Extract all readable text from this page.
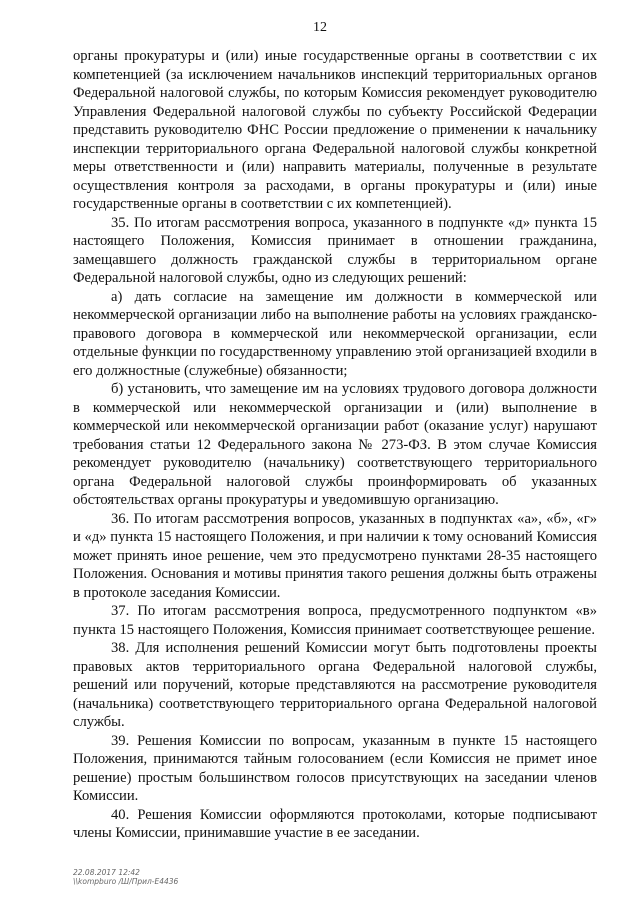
12

органы прокуратуры и (или) иные государственные органы в соответствии с их компетенцией (за исключением начальников инспекций территориальных органов Федеральной налоговой службы, по которым Комиссия рекомендует руководителю Управления Федеральной налоговой службы по субъекту Российской Федерации представить руководителю ФНС России предложение о применении к начальнику инспекции территориального органа Федеральной налоговой службы конкретной меры ответственности и (или) направить материалы, полученные в результате осуществления контроля за расходами, в органы прокуратуры и (или) иные государственные органы в соответствии с их компетенцией).

35. По итогам рассмотрения вопроса, указанного в подпункте «д» пункта 15 настоящего Положения, Комиссия принимает в отношении гражданина, замещавшего должность гражданской службы в территориальном органе Федеральной налоговой службы, одно из следующих решений:

а) дать согласие на замещение им должности в коммерческой или некоммерческой организации либо на выполнение работы на условиях гражданско-правового договора в коммерческой или некоммерческой организации, если отдельные функции по государственному управлению этой организацией входили в его должностные (служебные) обязанности;

б) установить, что замещение им на условиях трудового договора должности в коммерческой или некоммерческой организации и (или) выполнение в коммерческой или некоммерческой организации работ (оказание услуг) нарушают требования статьи 12 Федерального закона № 273-ФЗ. В этом случае Комиссия рекомендует руководителю (начальнику) соответствующего территориального органа Федеральной налоговой службы проинформировать об указанных обстоятельствах органы прокуратуры и уведомившую организацию.

36. По итогам рассмотрения вопросов, указанных в подпунктах «а», «б», «г» и «д» пункта 15 настоящего Положения, и при наличии к тому оснований Комиссия может принять иное решение, чем это предусмотрено пунктами 28-35 настоящего Положения. Основания и мотивы принятия такого решения должны быть отражены в протоколе заседания Комиссии.

37. По итогам рассмотрения вопроса, предусмотренного подпунктом «в» пункта 15 настоящего Положения, Комиссия принимает соответствующее решение.

38. Для исполнения решений Комиссии могут быть подготовлены проекты правовых актов территориального органа Федеральной налоговой службы, решений или поручений, которые представляются на рассмотрение руководителя (начальника) соответствующего территориального органа Федеральной налоговой службы.

39. Решения Комиссии по вопросам, указанным в пункте 15 настоящего Положения, принимаются тайным голосованием (если Комиссия не примет иное решение) простым большинством голосов присутствующих на заседании членов Комиссии.

40. Решения Комиссии оформляются протоколами, которые подписывают члены Комиссии, принимавшие участие в ее заседании.

22.08.2017 12:42
\\kompburo /Ш/Прил-Е4436
